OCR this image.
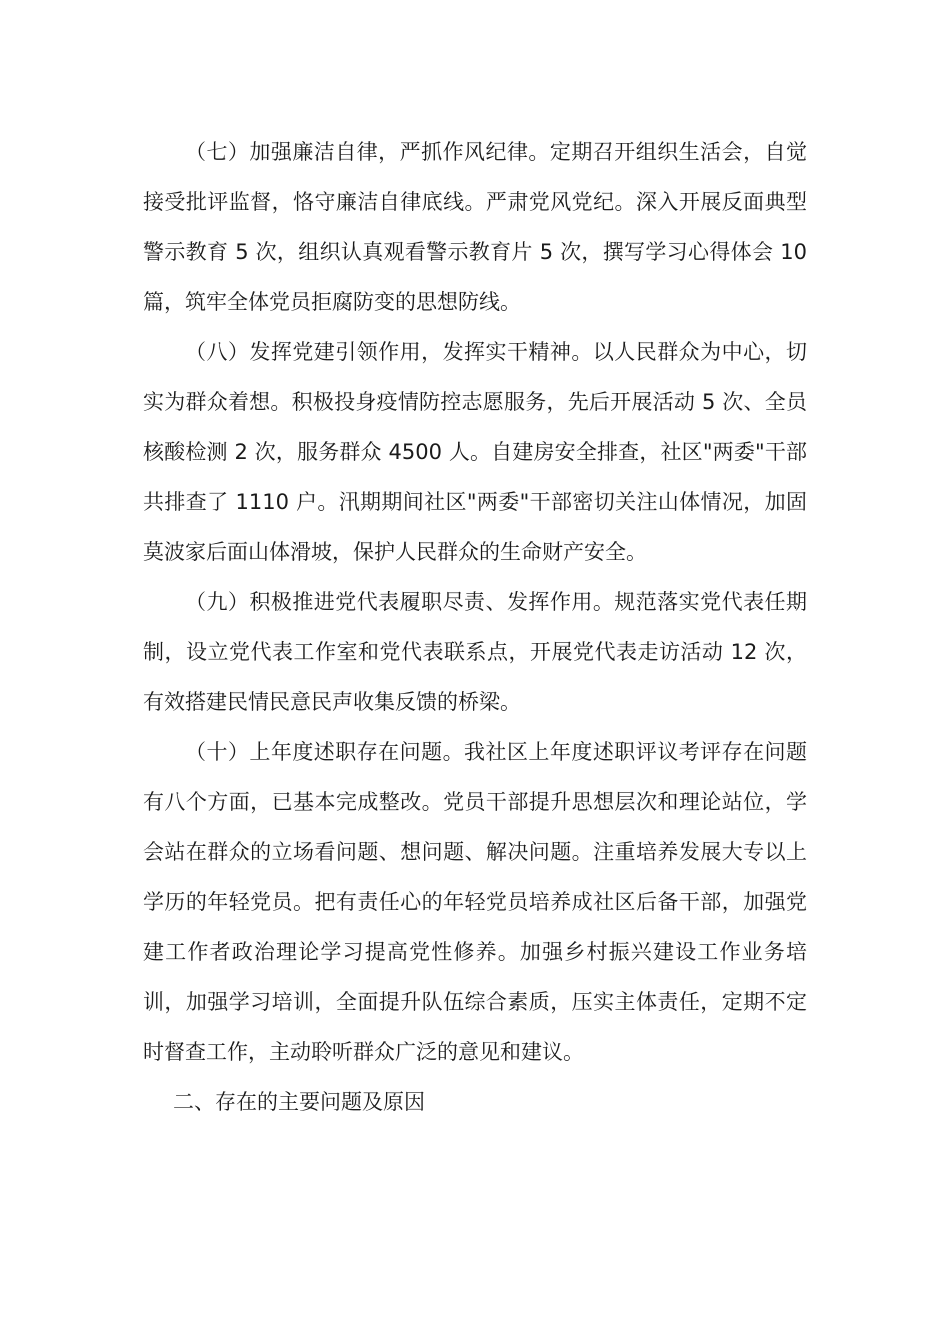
（七）加强廉洁自律，严抓作风纪律。定期召开组织生活会，自觉接受批评监督，恪守廉洁自律底线。严肃党风党纪。深入开展反面典型警示教育 5 次，组织认真观看警示教育片 5 次，撰写学习心得体会 10 篇，筑牢全体党员拒腐防变的思想防线。

（八）发挥党建引领作用，发挥实干精神。以人民群众为中心，切实为群众着想。积极投身疫情防控志愿服务，先后开展活动 5 次、全员核酸检测 2 次，服务群众 4500 人。自建房安全排查，社区"两委"干部共排查了 1110 户。汛期期间社区"两委"干部密切关注山体情况，加固莫波家后面山体滑坡，保护人民群众的生命财产安全。

（九）积极推进党代表履职尽责、发挥作用。规范落实党代表任期制，设立党代表工作室和党代表联系点，开展党代表走访活动 12 次，有效搭建民情民意民声收集反馈的桥梁。

（十）上年度述职存在问题。我社区上年度述职评议考评存在问题有八个方面，已基本完成整改。党员干部提升思想层次和理论站位，学会站在群众的立场看问题、想问题、解决问题。注重培养发展大专以上学历的年轻党员。把有责任心的年轻党员培养成社区后备干部，加强党建工作者政治理论学习提高党性修养。加强乡村振兴建设工作业务培训，加强学习培训，全面提升队伍综合素质，压实主体责任，定期不定时督查工作，主动聆听群众广泛的意见和建议。

二、存在的主要问题及原因
